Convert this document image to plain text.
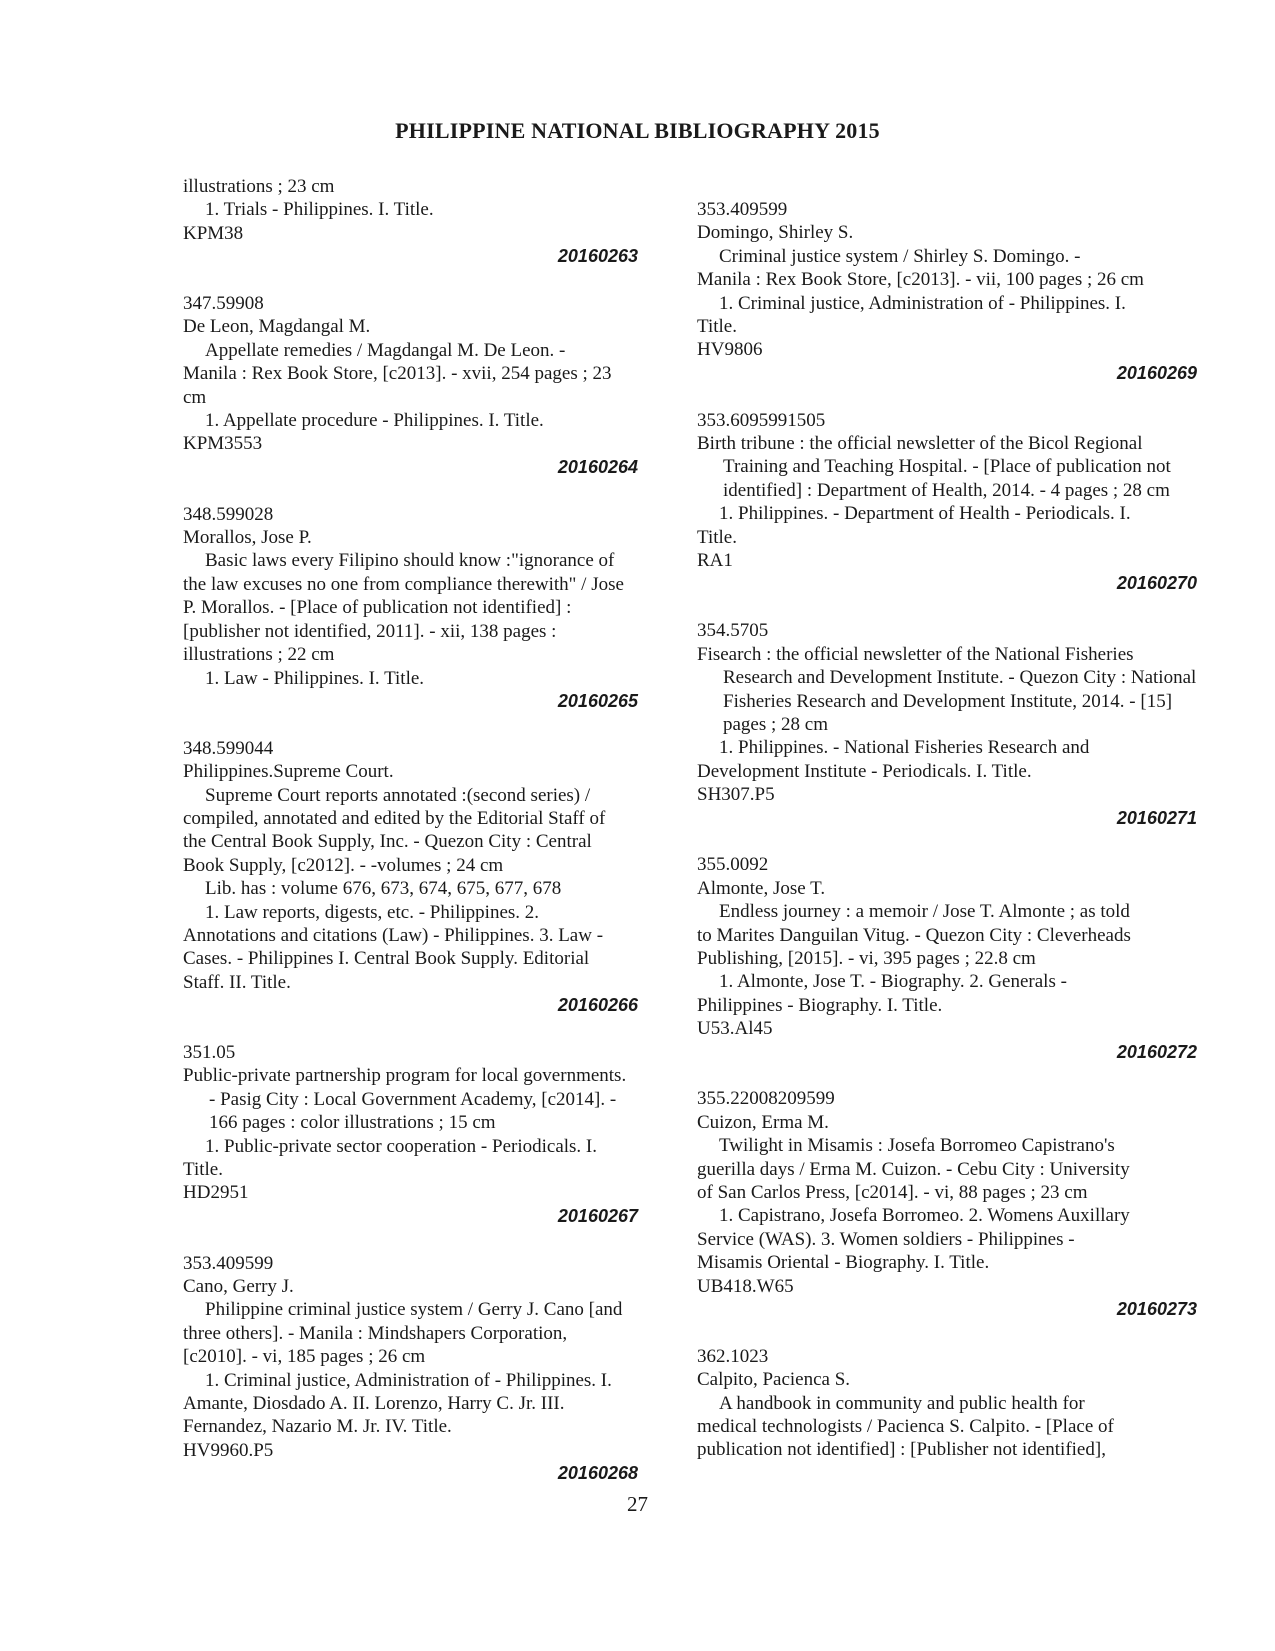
PHILIPPINE NATIONAL BIBLIOGRAPHY 2015

illustrations ; 23 cm

1. Trials - Philippines. I. Title.

KPM38

20160263

347.59908

De Leon, Magdangal M.

Appellate remedies / Magdangal M. De Leon. -

Manila : Rex Book Store, [c2013]. - xvii, 254 pages ; 23

cm

1. Appellate procedure - Philippines. I. Title.

KPM3553

20160264

348.599028

Morallos, Jose P.

Basic laws every Filipino should know :"ignorance of

the law excuses no one from compliance therewith" / Jose

P. Morallos. - [Place of publication not identified] :

[publisher not identified, 2011]. - xii, 138 pages :

illustrations ; 22 cm

1. Law - Philippines. I. Title.

20160265

348.599044

Philippines.Supreme Court.

Supreme Court reports annotated :(second series) /

compiled, annotated and edited by the Editorial Staff of

the Central Book Supply, Inc. - Quezon City : Central

Book Supply, [c2012]. - -volumes ; 24 cm

Lib. has : volume 676, 673, 674, 675, 677, 678

1. Law reports, digests, etc. - Philippines. 2.

Annotations and citations (Law) - Philippines. 3. Law -

Cases. - Philippines I. Central Book Supply. Editorial

Staff. II. Title.

20160266

351.05

Public-private partnership program for local governments.

- Pasig City : Local Government Academy, [c2014]. -

166 pages : color illustrations ; 15 cm

1. Public-private sector cooperation - Periodicals. I.

Title.

HD2951

20160267

353.409599

Cano, Gerry J.

Philippine criminal justice system / Gerry J. Cano [and

three others]. - Manila : Mindshapers Corporation,

[c2010]. - vi, 185 pages ; 26 cm

1. Criminal justice, Administration of - Philippines. I.

Amante, Diosdado A. II. Lorenzo, Harry C. Jr. III.

Fernandez, Nazario M. Jr. IV. Title.

HV9960.P5

20160268

353.409599

Domingo, Shirley S.

Criminal justice system / Shirley S. Domingo. -

Manila : Rex Book Store, [c2013]. - vii, 100 pages ; 26 cm

1. Criminal justice, Administration of - Philippines. I.

Title.

HV9806

20160269

353.6095991505

Birth tribune : the official newsletter of the Bicol Regional Training and Teaching Hospital. - [Place of publication not identified] : Department of Health, 2014. - 4 pages ; 28 cm

1. Philippines. - Department of Health - Periodicals. I.

Title.

RA1

20160270

354.5705

Fisearch : the official newsletter of the National Fisheries Research and Development Institute. - Quezon City : National Fisheries Research and Development Institute, 2014. - [15] pages ; 28 cm

1. Philippines. - National Fisheries Research and

Development Institute - Periodicals. I. Title.

SH307.P5

20160271

355.0092

Almonte, Jose T.

Endless journey : a memoir / Jose T. Almonte ; as told

to Marites Danguilan Vitug. - Quezon City : Cleverheads

Publishing, [2015]. - vi, 395 pages ; 22.8 cm

1. Almonte, Jose T. - Biography. 2. Generals -

Philippines - Biography. I. Title.

U53.Al45

20160272

355.22008209599

Cuizon, Erma M.

Twilight in Misamis : Josefa Borromeo Capistrano's

guerilla days / Erma M. Cuizon. - Cebu City : University

of San Carlos Press, [c2014]. - vi, 88 pages ; 23 cm

1. Capistrano, Josefa Borromeo. 2. Womens Auxillary

Service (WAS). 3. Women soldiers - Philippines -

Misamis Oriental - Biography. I. Title.

UB418.W65

20160273

362.1023

Calpito, Pacienca S.

A handbook in community and public health for

medical technologists / Pacienca S. Calpito. - [Place of

publication not identified] : [Publisher not identified],

27
